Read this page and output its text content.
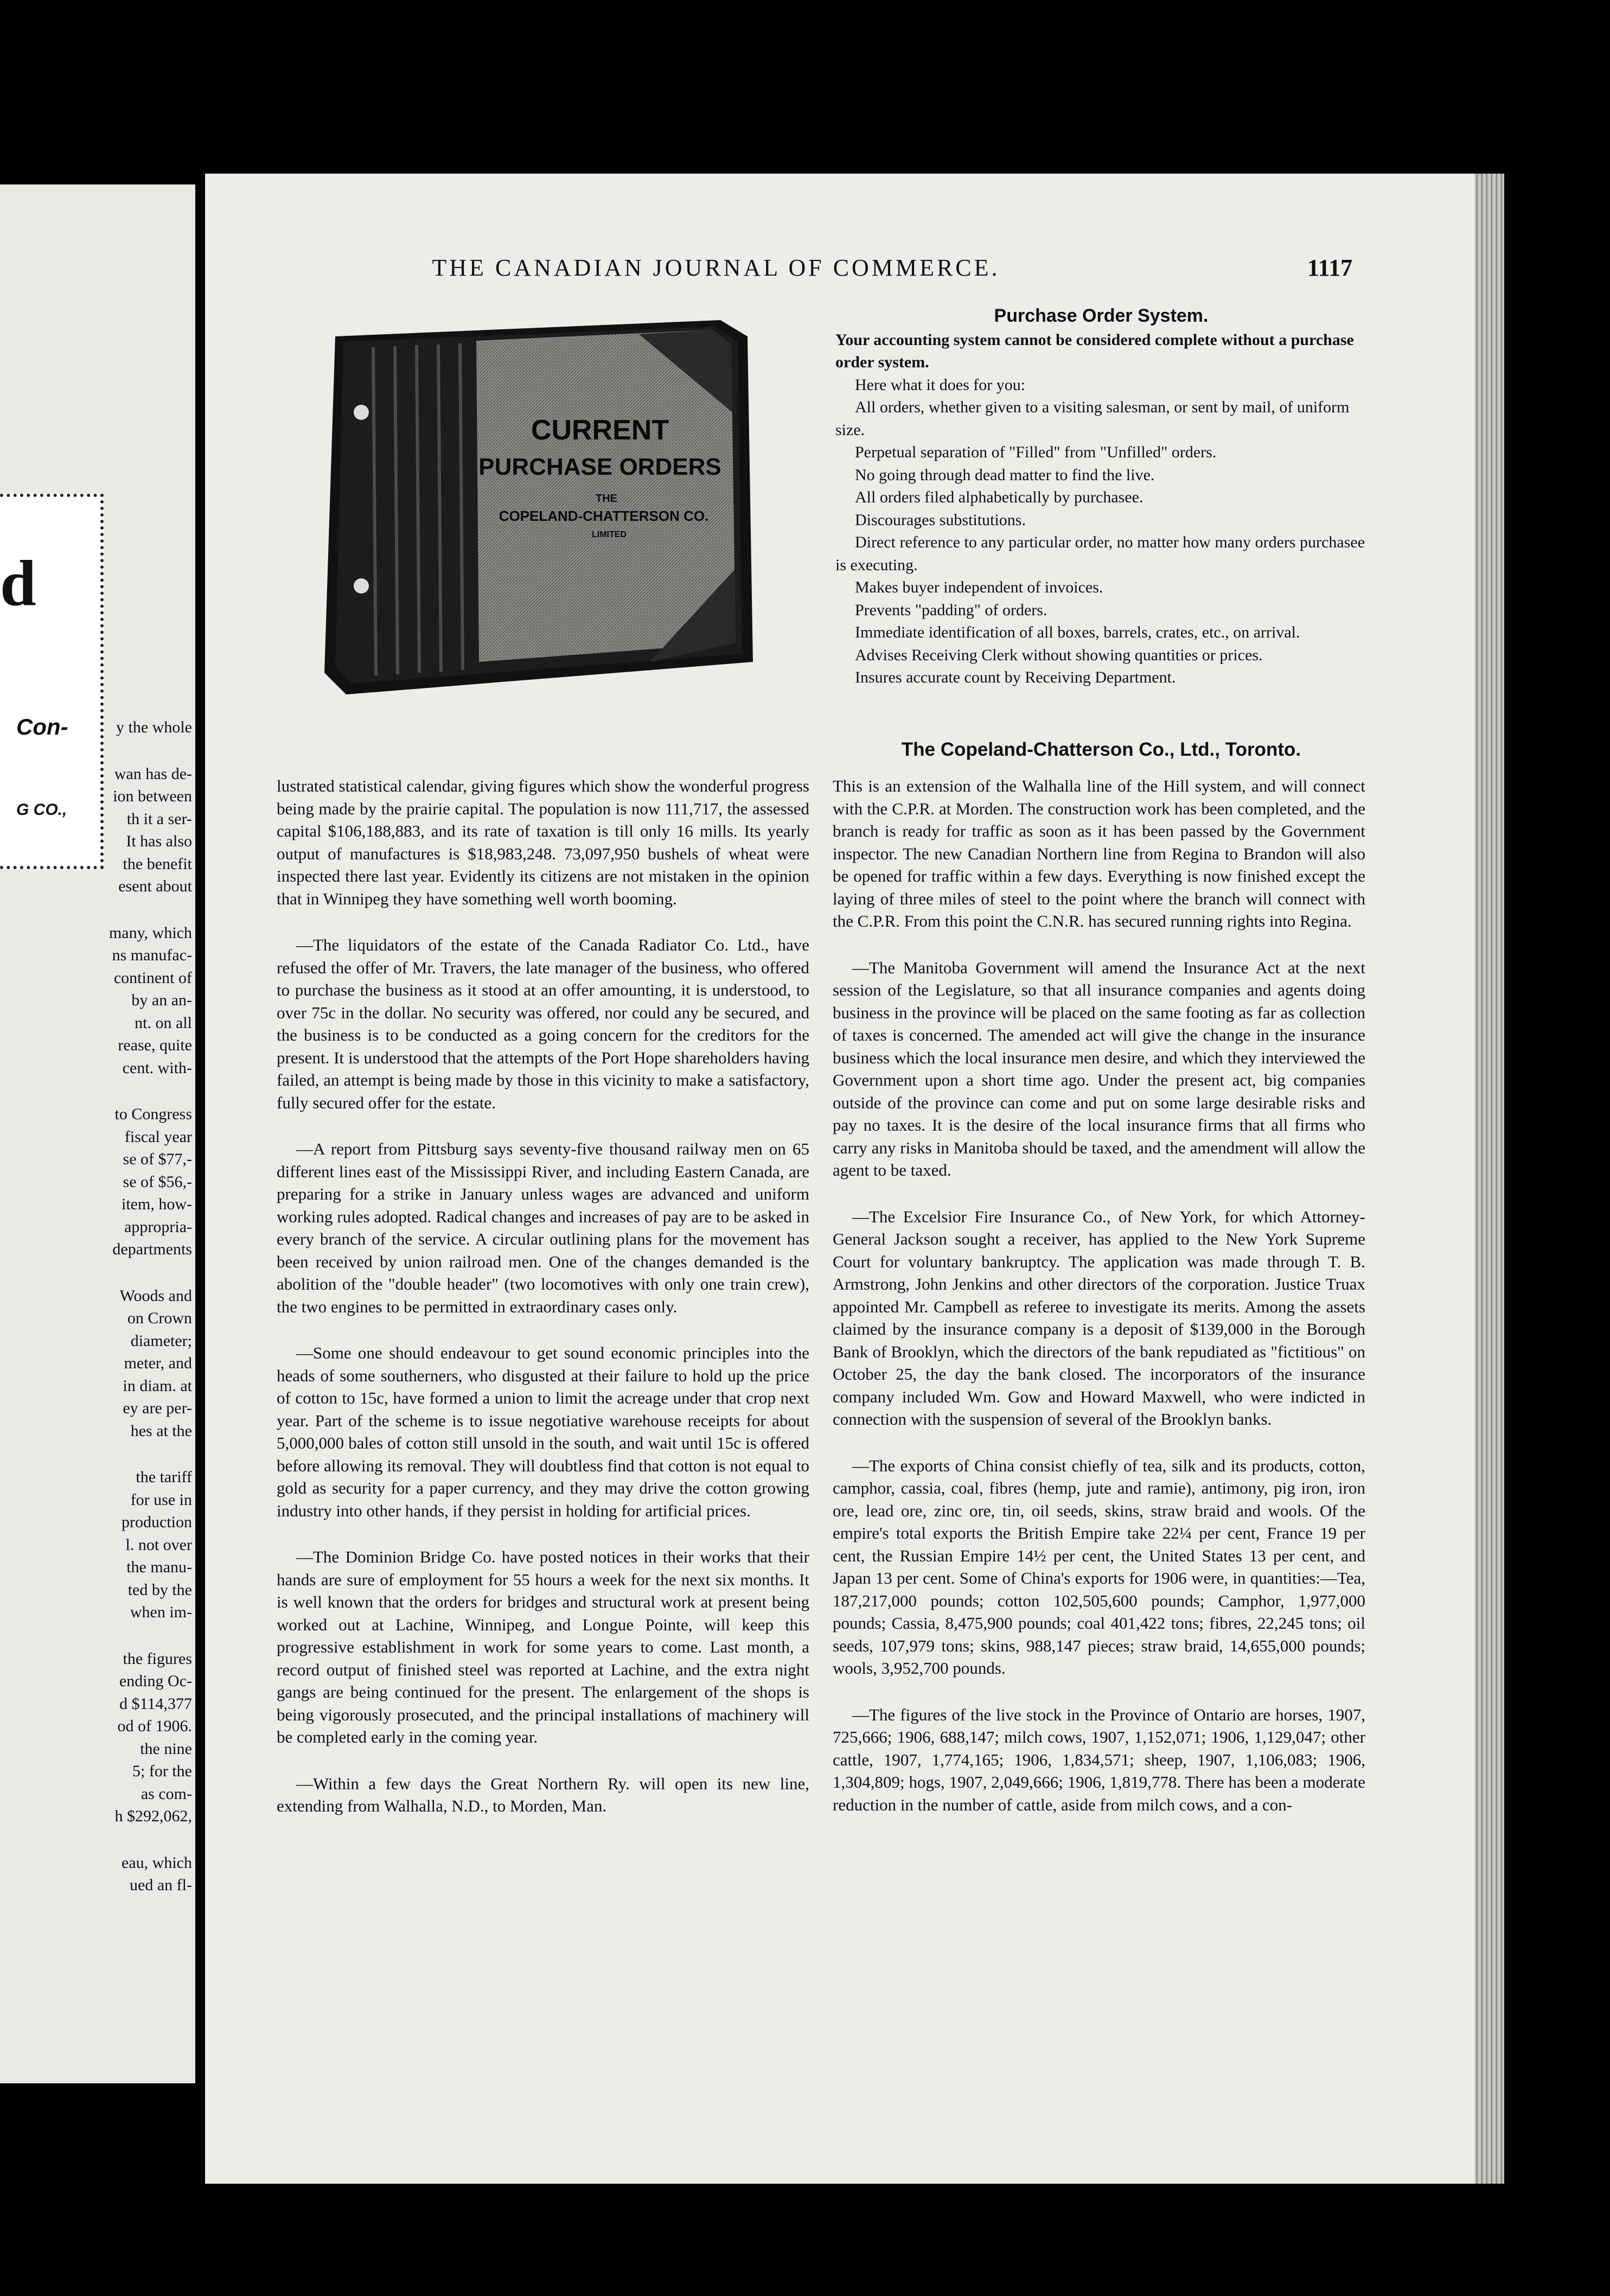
d
Con-
G CO.,

y the whole

wan has de-
ion between
th it a ser-
It has also
the benefit
esent about

many, which
ns manufac-
continent of
by an an-
nt. on all
rease, quite
cent. with-

to Congress
fiscal year
se of $77,-
se of $56,-
item, how-
appropria-
departments

Woods and
on Crown
diameter;
meter, and
in diam. at
ey are per-
hes at the

the tariff
for use in
production
l. not over
the manu-
ted by the
when im-

the figures
ending Oc-
d $114,377
od of 1906.
the nine
5; for the
as com-
h $292,062,

eau, which
ued an fl-

THE CANADIAN JOURNAL OF COMMERCE.	1117
CURRENT
PURCHASE ORDERS
THE
COPELAND-CHATTERSON CO.
LIMITED
Purchase Order System.

Your accounting system cannot be considered complete without a purchase order system.

Here what it does for you:
All orders, whether given to a visiting salesman, or sent by mail, of uniform size.
Perpetual separation of "Filled" from "Unfilled" orders.
No going through dead matter to find the live.
All orders filed alphabetically by purchasee.
Discourages substitutions.
Direct reference to any particular order, no matter how many orders purchasee is executing.
Makes buyer independent of invoices.
Prevents "padding" of orders.
Immediate identification of all boxes, barrels, crates, etc., on arrival.
Advises Receiving Clerk without showing quantities or prices.
Insures accurate count by Receiving Department.
The Copeland-Chatterson Co., Ltd., Toronto.

lustrated statistical calendar, giving figures which show the wonderful progress being made by the prairie capital. The population is now 111,717, the assessed capital $106,188,883, and its rate of taxation is till only 16 mills. Its yearly output of manufactures is $18,983,248. 73,097,950 bushels of wheat were inspected there last year. Evidently its citizens are not mistaken in the opinion that in Winnipeg they have something well worth booming.

—The liquidators of the estate of the Canada Radiator Co. Ltd., have refused the offer of Mr. Travers, the late manager of the business, who offered to purchase the business as it stood at an offer amounting, it is understood, to over 75c in the dollar. No security was offered, nor could any be secured, and the business is to be conducted as a going concern for the creditors for the present. It is understood that the attempts of the Port Hope shareholders having failed, an attempt is being made by those in this vicinity to make a satisfactory, fully secured offer for the estate.

—A report from Pittsburg says seventy-five thousand railway men on 65 different lines east of the Mississippi River, and including Eastern Canada, are preparing for a strike in January unless wages are advanced and uniform working rules adopted. Radical changes and increases of pay are to be asked in every branch of the service. A circular outlining plans for the movement has been received by union railroad men. One of the changes demanded is the abolition of the "double header" (two locomotives with only one train crew), the two engines to be permitted in extraordinary cases only.

—Some one should endeavour to get sound economic principles into the heads of some southerners, who disgusted at their failure to hold up the price of cotton to 15c, have formed a union to limit the acreage under that crop next year. Part of the scheme is to issue negotiative warehouse receipts for about 5,000,000 bales of cotton still unsold in the south, and wait until 15c is offered before allowing its removal. They will doubtless find that cotton is not equal to gold as security for a paper currency, and they may drive the cotton growing industry into other hands, if they persist in holding for artificial prices.

—The Dominion Bridge Co. have posted notices in their works that their hands are sure of employment for 55 hours a week for the next six months. It is well known that the orders for bridges and structural work at present being worked out at Lachine, Winnipeg, and Longue Pointe, will keep this progressive establishment in work for some years to come. Last month, a record output of finished steel was reported at Lachine, and the extra night gangs are being continued for the present. The enlargement of the shops is being vigorously prosecuted, and the principal installations of machinery will be completed early in the coming year.

—Within a few days the Great Northern Ry. will open its new line, extending from Walhalla, N.D., to Morden, Man.

This is an extension of the Walhalla line of the Hill system, and will connect with the C.P.R. at Morden. The construction work has been completed, and the branch is ready for traffic as soon as it has been passed by the Government inspector. The new Canadian Northern line from Regina to Brandon will also be opened for traffic within a few days. Everything is now finished except the laying of three miles of steel to the point where the branch will connect with the C.P.R. From this point the C.N.R. has secured running rights into Regina.

—The Manitoba Government will amend the Insurance Act at the next session of the Legislature, so that all insurance companies and agents doing business in the province will be placed on the same footing as far as collection of taxes is concerned. The amended act will give the change in the insurance business which the local insurance men desire, and which they interviewed the Government upon a short time ago. Under the present act, big companies outside of the province can come and put on some large desirable risks and pay no taxes. It is the desire of the local insurance firms that all firms who carry any risks in Manitoba should be taxed, and the amendment will allow the agent to be taxed.

—The Excelsior Fire Insurance Co., of New York, for which Attorney-General Jackson sought a receiver, has applied to the New York Supreme Court for voluntary bankruptcy. The application was made through T. B. Armstrong, John Jenkins and other directors of the corporation. Justice Truax appointed Mr. Campbell as referee to investigate its merits. Among the assets claimed by the insurance company is a deposit of $139,000 in the Borough Bank of Brooklyn, which the directors of the bank repudiated as "fictitious" on October 25, the day the bank closed. The incorporators of the insurance company included Wm. Gow and Howard Maxwell, who were indicted in connection with the suspension of several of the Brooklyn banks.

—The exports of China consist chiefly of tea, silk and its products, cotton, camphor, cassia, coal, fibres (hemp, jute and ramie), antimony, pig iron, iron ore, lead ore, zinc ore, tin, oil seeds, skins, straw braid and wools. Of the empire's total exports the British Empire take 22¼ per cent, France 19 per cent, the Russian Empire 14½ per cent, the United States 13 per cent, and Japan 13 per cent. Some of China's exports for 1906 were, in quantities:—Tea, 187,217,000 pounds; cotton 102,505,600 pounds; Camphor, 1,977,000 pounds; Cassia, 8,475,900 pounds; coal 401,422 tons; fibres, 22,245 tons; oil seeds, 107,979 tons; skins, 988,147 pieces; straw braid, 14,655,000 pounds; wools, 3,952,700 pounds.

—The figures of the live stock in the Province of Ontario are horses, 1907, 725,666; 1906, 688,147; milch cows, 1907, 1,152,071; 1906, 1,129,047; other cattle, 1907, 1,774,165; 1906, 1,834,571; sheep, 1907, 1,106,083; 1906, 1,304,809; hogs, 1907, 2,049,666; 1906, 1,819,778. There has been a moderate reduction in the number of cattle, aside from milch cows, and a con-
